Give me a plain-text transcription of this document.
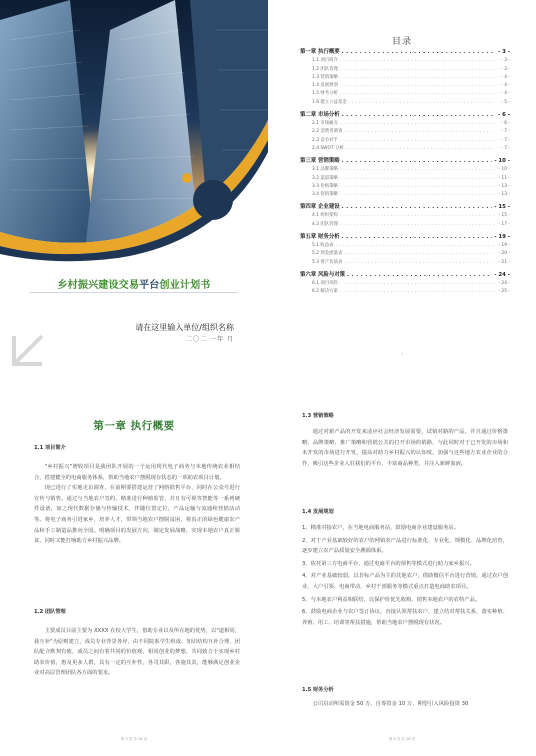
乡村振兴建设交易平台创业计划书
请在这里输入单位/组织名称
二〇二 一年 月
目录
第一章 执行概要 . . .	- 3 -
1.1 项目简介 . . .	- 3 -
1.2 团队管理 . . .	- 3 -
1.3 营销策略 . . .	- 4 -
1.4 发展规划 . . .	- 4 -
1.5 财务分析 . . .	- 4 -
1.6 建立公益基金 . . .	- 5 -
第二章 市场分析 . . .	- 6 -
2.1 市场痛点 . . .	- 6 -
2.2 消费者调查 . . .	- 7 -
2.3 竞争对手 . . .	- 7 -
2.4 SWOT 分析 . . .	- 7 -
第三章 营销策略 . . .	- 10 -
3.1 品牌策略 . . .	- 10 -
3.2 渠道策略 . . .	- 11 -
3.3 价格策略 . . .	- 13 -
3.4 促销策略 . . .	- 13 -
第四章 企业建设 . . .	- 15 -
4.1 组织架构 . . .	- 15 -
4.2 团队管理 . . .	- 17 -
第五章 财务分析 . . .	- 19 -
5.1 收益表 . . .	- 19 -
5.2 现金流量表 . . .	- 20 -
5.3 资产负债表 . . .	- 21 -
第六章 风险与对策 . . .	- 24 -
6.1 项目风险 . . .	- 24 -
6.2 解决方案 . . .	- 25 -
I
第一章 执行概要
1.1 项目简介

"乡村振兴"增收项目是我团队开展的一个运用现代电子商务与本地传统农业相结合，搭建健全的电商服务体系，帮助当地农户摆脱现存状态的一项助农项目计划。

现已进行了实地走访调查，在前期要搭建运营了网络销售平台，同时在公众号进行宣传与销售。通过与当地农户签约，精准进行种植监管，并且有可视等智能等一系列硬件设备，加之现代数据存储与传输技术，伴随位置定位，产品运输与流通和营销活动等。将电子商务引进家乡，培养人才，带领当地农户摆脱贫困，将真正的绿色健康农产品和手工制造品推向全国。明确项目的发展方向，制定发展战略，实现本地农户真正脱贫，同时又能打响助力乡村振兴品牌。

1.2 团队管理

主要成员目前主要为 XXXX 在校大学生，借助专业以及所在地的优势，以"道相同，我互补"为原则建立，成员专业背景各异，由不同院系学生组成，知识结构互补合理，团队配合默契有致，成员之间有着共同的价值观，相同创业的梦想，共同致力于实现乡村助农价值，惠及更多人群，具有一定的互补性，各司其职，各施其责，能够满足创业企业对高层管理团队各方面的要求。

第 3 页 共 26 页
1.3 营销策略

通过对新产品的开发来适应社会经济发展需要，试销对路的产品，并且通过价格策略、品牌策略、推广策略和营销公关的打开市场的销路，与此同时对于已开发的市场和未开发的市场进行开发，提高对助力乡村振兴的认知度，加强与这些地方农业企业的合作，吸引这些企业入驻我们的平台，丰富商品种类，并注入新鲜血液。

1.4 发展规划

1、精准对接农户，在当地电商服务站，鼓励电商企业建设服务站。

2、对于产业基础较好的农户的网销农产品进行标准化、专业化、规模化、品牌化培育，逐步建立农产品质量安全溯源体系。

3、依托第三方电商平台，通过电商平台的预售等模式进行助力家乡振兴。

4、对产业基础较弱，以非标产品为主的其他农户，借助微信平台进行营销，通过农户创业、大户引领、电商带动，乡村干部服务等模式重点打造电商助农项目。

5、与本地农户利益相联结，以保护价优先收购、销售本地农户的农特产品。

6、鼓励电商企业与农户签订协议，直接认领帮扶农户，建立结对帮扶关系，落实种植、养殖、用工、培训等帮扶措施，帮助当地农户摆脱现有状况。

1.5 财务分析

公司启动所需资金 50 万，自筹资金 10 万，期望引入风险投资 30

第 4 页 共 26 页
